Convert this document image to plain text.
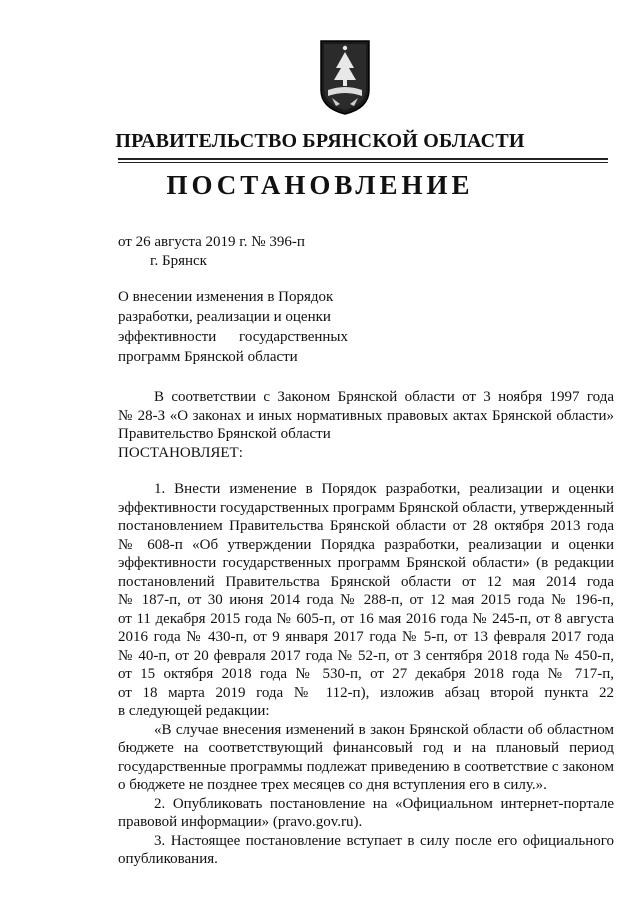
ПРАВИТЕЛЬСТВО БРЯНСКОЙ ОБЛАСТИ
ПОСТАНОВЛЕНИЕ
от 26 августа 2019 г. № 396-п
г. Брянск
О внесении изменения в Порядок
разработки, реализации и оценки
эффективности государственных
программ Брянской области
В соответствии с Законом Брянской области от 3 ноября 1997 года
№ 28-З «О законах и иных нормативных правовых актах Брянской области»
Правительство Брянской области
ПОСТАНОВЛЯЕТ:
1. Внести изменение в Порядок разработки, реализации и оценки
эффективности государственных программ Брянской области, утвержденный
постановлением Правительства Брянской области от 28 октября 2013 года
№ 608-п «Об утверждении Порядка разработки, реализации и оценки
эффективности государственных программ Брянской области» (в редакции
постановлений Правительства Брянской области от 12 мая 2014 года
№ 187-п, от 30 июня 2014 года № 288-п, от 12 мая 2015 года № 196-п,
от 11 декабря 2015 года № 605-п, от 16 мая 2016 года № 245-п, от 8 августа
2016 года № 430-п, от 9 января 2017 года № 5-п, от 13 февраля 2017 года
№ 40-п, от 20 февраля 2017 года № 52-п, от 3 сентября 2018 года № 450-п,
от 15 октября 2018 года № 530-п, от 27 декабря 2018 года № 717-п,
от 18 марта 2019 года № 112-п), изложив абзац второй пункта 22
в следующей редакции:
«В случае внесения изменений в закон Брянской области об областном
бюджете на соответствующий финансовый год и на плановый период
государственные программы подлежат приведению в соответствие с законом
о бюджете не позднее трех месяцев со дня вступления его в силу.».
2. Опубликовать постановление на «Официальном интернет-портале
правовой информации» (pravo.gov.ru).
3. Настоящее постановление вступает в силу после его официального
опубликования.
